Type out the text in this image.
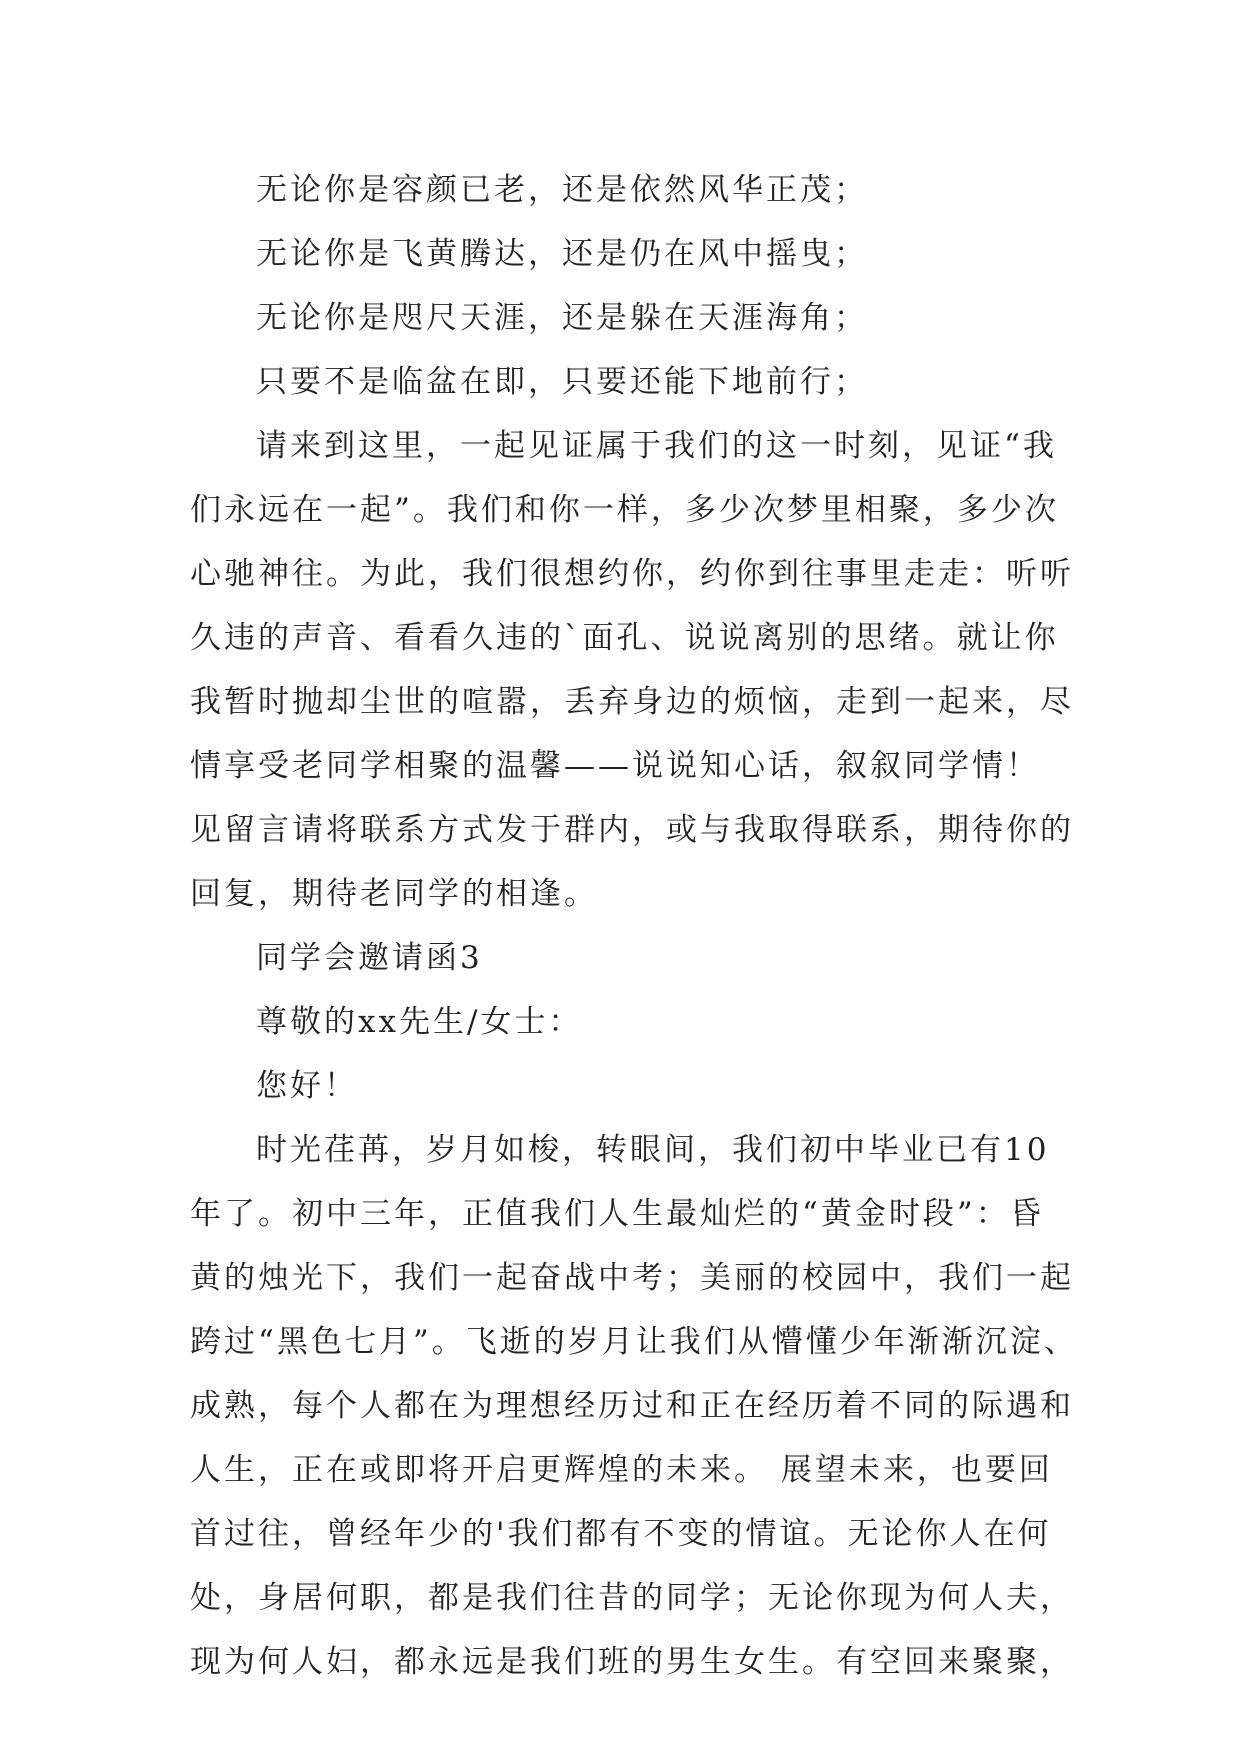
无论你是容颜已老，还是依然风华正茂；
无论你是飞黄腾达，还是仍在风中摇曳；
无论你是咫尺天涯，还是躲在天涯海角；
只要不是临盆在即，只要还能下地前行；
请来到这里，一起见证属于我们的这一时刻，见证“我
们永远在一起”。我们和你一样，多少次梦里相聚，多少次
心驰神往。为此，我们很想约你，约你到往事里走走：听听
久违的声音、看看久违的`面孔、说说离别的思绪。就让你
我暂时抛却尘世的喧嚣，丢弃身边的烦恼，走到一起来，尽
情享受老同学相聚的温馨——说说知心话，叙叙同学情！
见留言请将联系方式发于群内，或与我取得联系，期待你的
回复，期待老同学的相逢。
同学会邀请函3
尊敬的xx先生/女士：
您好！
时光荏苒，岁月如梭，转眼间，我们初中毕业已有10
年了。初中三年，正值我们人生最灿烂的“黄金时段”：昏
黄的烛光下，我们一起奋战中考；美丽的校园中，我们一起
跨过“黑色七月”。飞逝的岁月让我们从懵懂少年渐渐沉淀、
成熟，每个人都在为理想经历过和正在经历着不同的际遇和
人生，正在或即将开启更辉煌的未来。 展望未来，也要回
首过往，曾经年少的'我们都有不变的情谊。无论你人在何
处，身居何职，都是我们往昔的同学；无论你现为何人夫，
现为何人妇，都永远是我们班的男生女生。有空回来聚聚，
